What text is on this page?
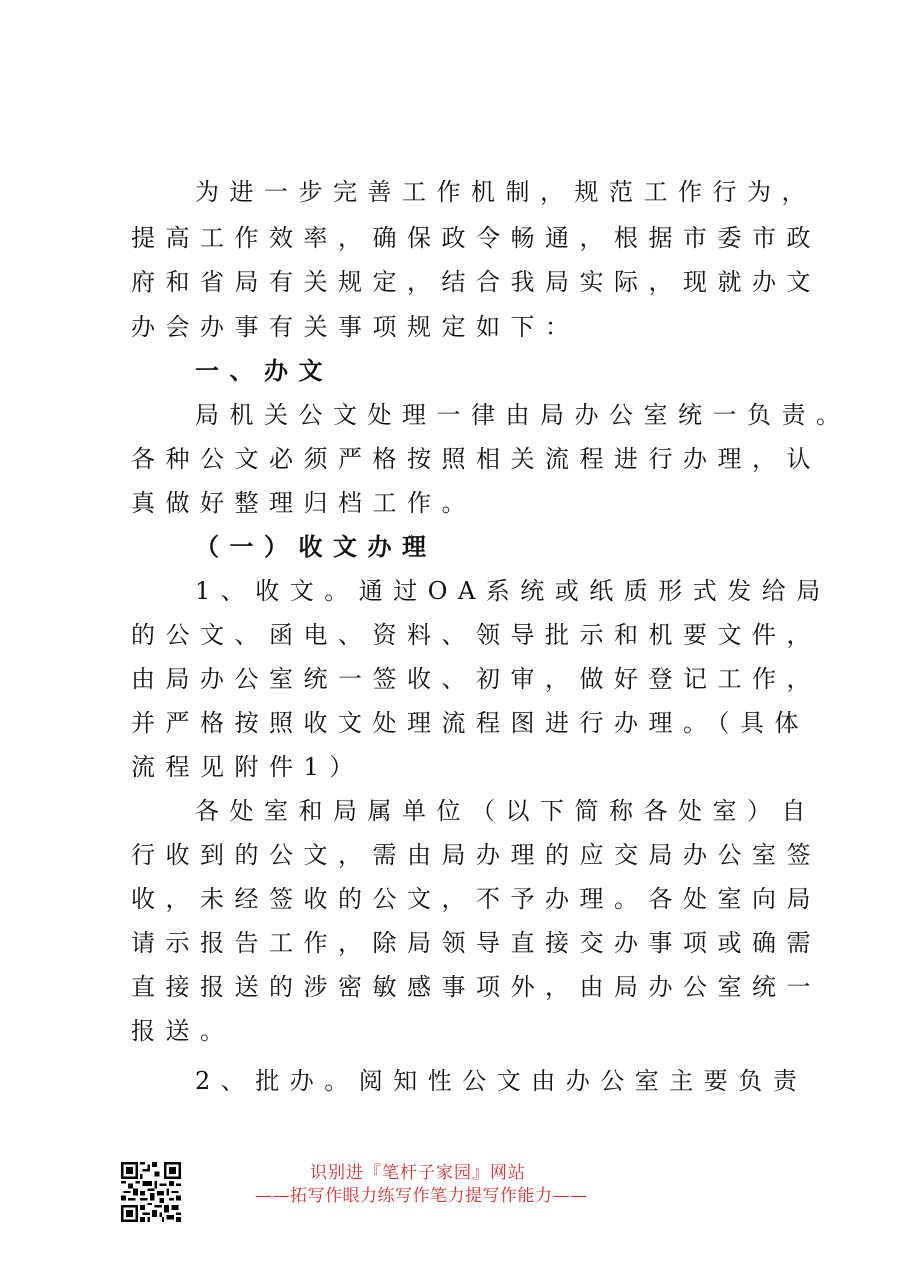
为进一步完善工作机制，规范工作行为，
提高工作效率，确保政令畅通，根据市委市政
府和省局有关规定，结合我局实际，现就办文
办会办事有关事项规定如下：
一、办文
局机关公文处理一律由局办公室统一负责。
各种公文必须严格按照相关流程进行办理，认
真做好整理归档工作。
（一）收文办理
1、收文。通过OA系统或纸质形式发给局
的公文、函电、资料、领导批示和机要文件，
由局办公室统一签收、初审，做好登记工作，
并严格按照收文处理流程图进行办理。（具体
流程见附件1）
各处室和局属单位（以下简称各处室）自
行收到的公文，需由局办理的应交局办公室签
收，未经签收的公文，不予办理。各处室向局
请示报告工作，除局领导直接交办事项或确需
直接报送的涉密敏感事项外，由局办公室统一
报送。
2、批办。阅知性公文由办公室主要负责
识别进『笔杆子家园』网站
——拓写作眼力练写作笔力提写作能力——
